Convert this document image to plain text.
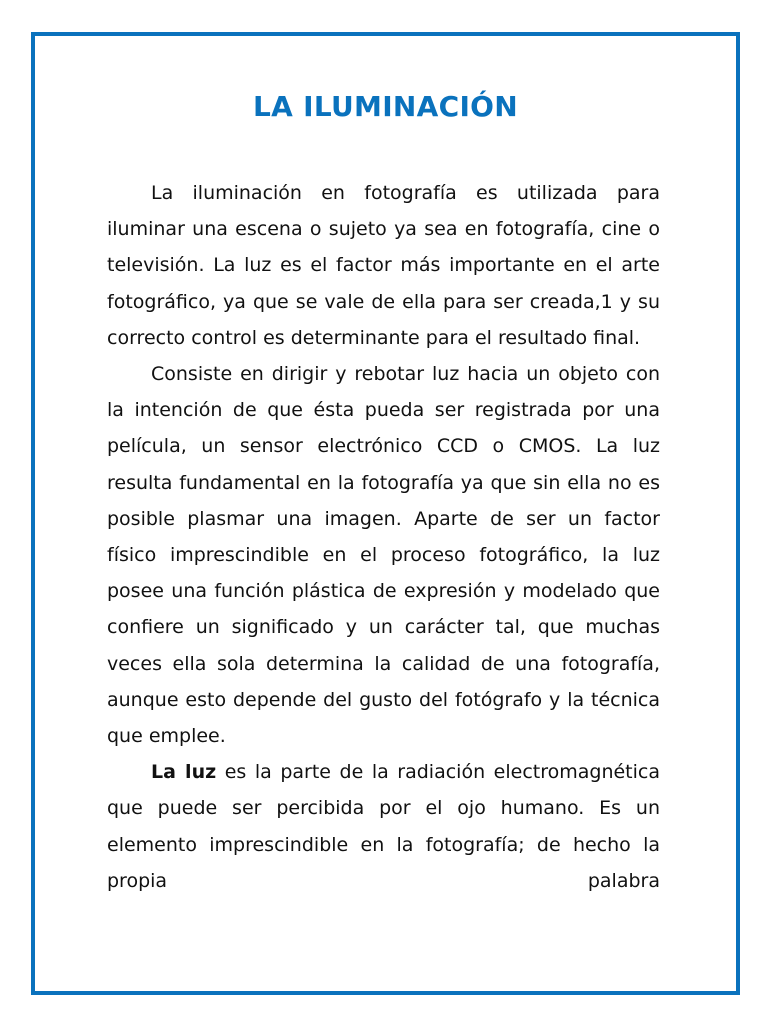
LA ILUMINACIÓN

La iluminación en fotografía es utilizada para iluminar una escena o sujeto ya sea en fotografía, cine o televisión. La luz es el factor más importante en el arte fotográfico, ya que se vale de ella para ser creada,1 y su correcto control es determinante para el resultado final.

Consiste en dirigir y rebotar luz hacia un objeto con la intención de que ésta pueda ser registrada por una película, un sensor electrónico CCD o CMOS. La luz resulta fundamental en la fotografía ya que sin ella no es posible plasmar una imagen. Aparte de ser un factor físico imprescindible en el proceso fotográfico, la luz posee una función plástica de expresión y modelado que confiere un significado y un carácter tal, que muchas veces ella sola determina la calidad de una fotografía, aunque esto depende del gusto del fotógrafo y la técnica que emplee.

La luz es la parte de la radiación electromagnética que puede ser percibida por el ojo humano. Es un elemento imprescindible en la fotografía; de hecho la propia palabra
